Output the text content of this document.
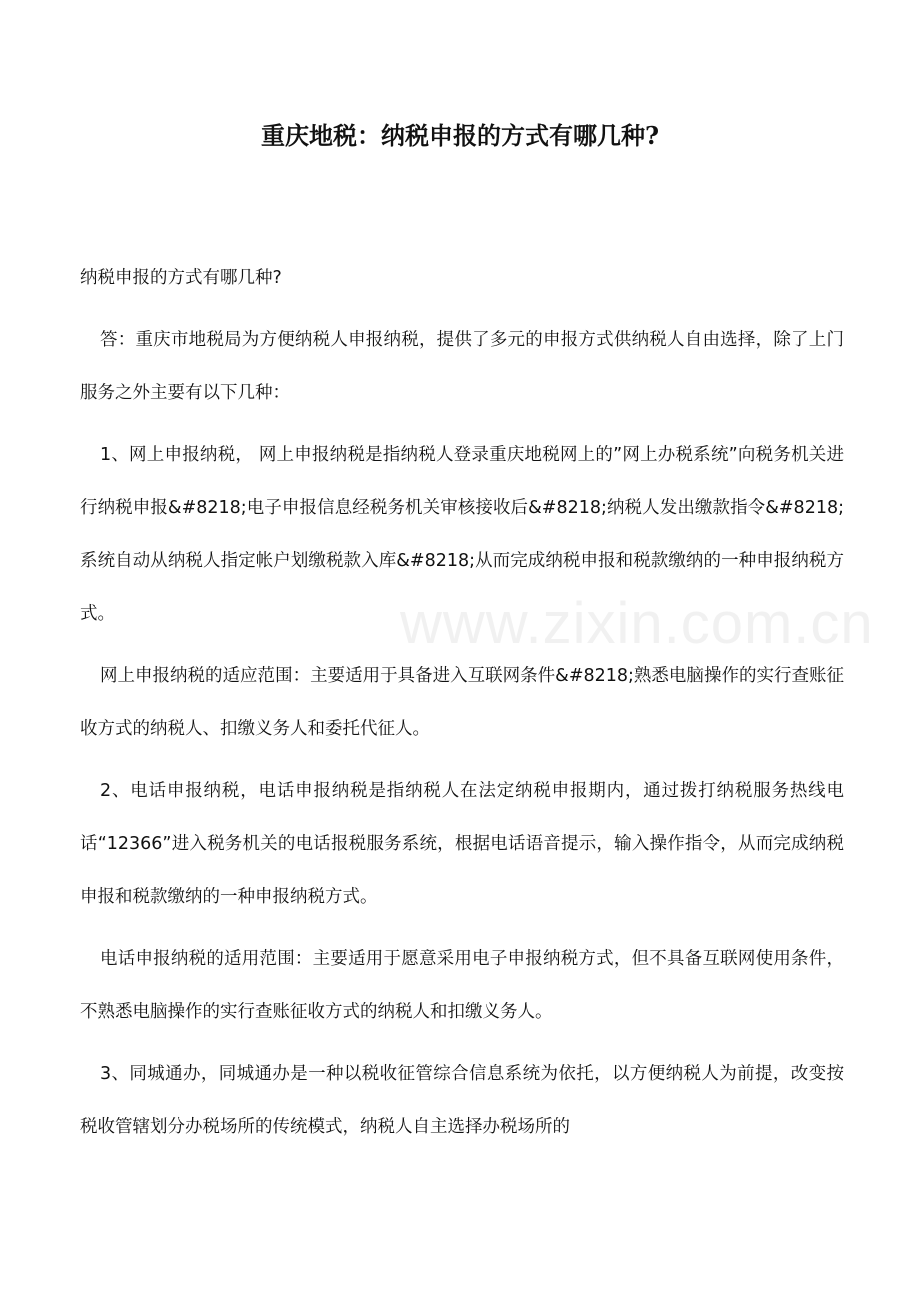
重庆地税：纳税申报的方式有哪几种?

纳税申报的方式有哪几种?

答：重庆市地税局为方便纳税人申报纳税，提供了多元的申报方式供纳税人自由选择，除了上门服务之外主要有以下几种：

1、网上申报纳税， 网上申报纳税是指纳税人登录重庆地税网上的”网上办税系统”向税务机关进行纳税申报&#8218;电子申报信息经税务机关审核接收后&#8218;纳税人发出缴款指令&#8218;系统自动从纳税人指定帐户划缴税款入库&#8218;从而完成纳税申报和税款缴纳的一种申报纳税方式。

网上申报纳税的适应范围：主要适用于具备进入互联网条件&#8218;熟悉电脑操作的实行查账征收方式的纳税人、扣缴义务人和委托代征人。

2、电话申报纳税，电话申报纳税是指纳税人在法定纳税申报期内，通过拨打纳税服务热线电话“12366”进入税务机关的电话报税服务系统，根据电话语音提示，输入操作指令，从而完成纳税申报和税款缴纳的一种申报纳税方式。

电话申报纳税的适用范围：主要适用于愿意采用电子申报纳税方式，但不具备互联网使用条件，不熟悉电脑操作的实行查账征收方式的纳税人和扣缴义务人。

3、同城通办，同城通办是一种以税收征管综合信息系统为依托，以方便纳税人为前提，改变按税收管辖划分办税场所的传统模式，纳税人自主选择办税场所的

www.zixin.com.cn
